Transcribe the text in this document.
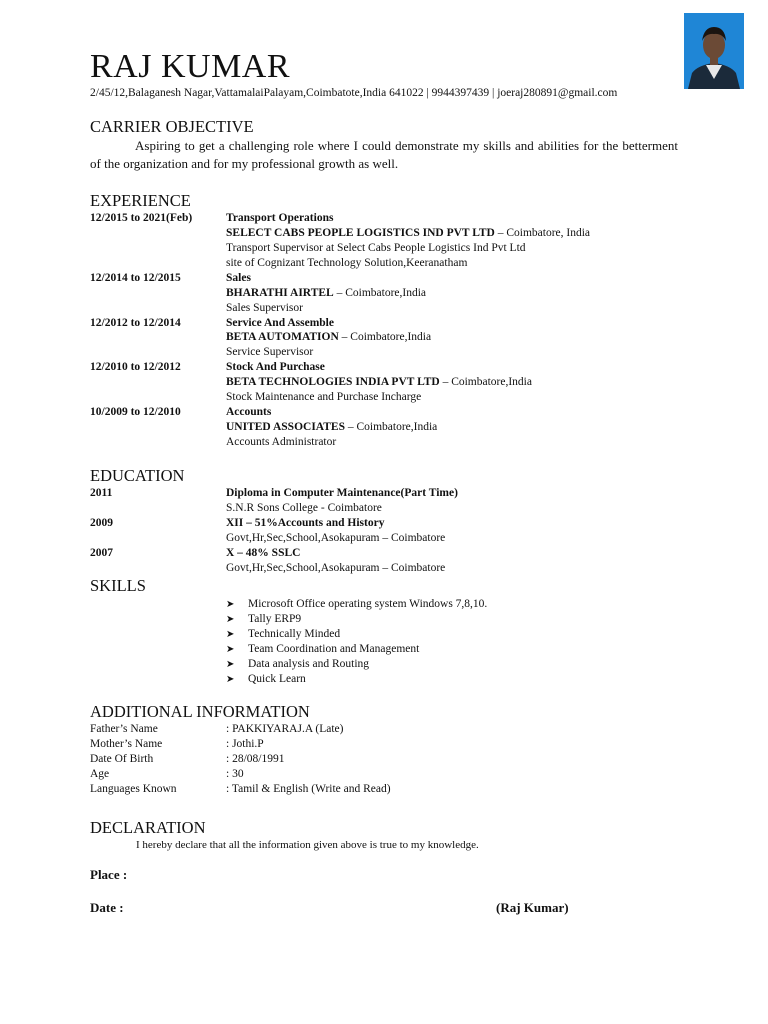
RAJ KUMAR
2/45/12,Balaganesh Nagar,VattamalaiPalayam,Coimbatote,India 641022 | 9944397439 | joeraj280891@gmail.com
CARRIER OBJECTIVE
Aspiring to get a challenging role where I could demonstrate my skills and abilities for the betterment of the organization and for my professional growth as well.
EXPERIENCE
12/2015 to 2021(Feb)	Transport Operations
SELECT CABS PEOPLE LOGISTICS IND PVT LTD – Coimbatore, India
Transport Supervisor at Select Cabs People Logistics Ind Pvt Ltd
site of Cognizant Technology Solution,Keeranatham
12/2014 to 12/2015	Sales
BHARATHI AIRTEL – Coimbatore,India
Sales Supervisor
12/2012 to 12/2014	Service And Assemble
BETA AUTOMATION – Coimbatore,India
Service Supervisor
12/2010 to 12/2012	Stock And Purchase
BETA TECHNOLOGIES INDIA PVT LTD – Coimbatore,India
Stock Maintenance and Purchase Incharge
10/2009 to 12/2010	Accounts
UNITED ASSOCIATES – Coimbatore,India
Accounts Administrator
EDUCATION
2011	Diploma in Computer Maintenance(Part Time)
S.N.R Sons College - Coimbatore
2009	XII – 51%Accounts and History
Govt,Hr,Sec,School,Asokapuram – Coimbatore
2007	X – 48% SSLC
Govt,Hr,Sec,School,Asokapuram – Coimbatore
SKILLS
➤ Microsoft Office operating system Windows 7,8,10.
➤ Tally ERP9
➤ Technically Minded
➤ Team Coordination and Management
➤ Data analysis and Routing
➤ Quick Learn
ADDITIONAL INFORMATION
Father’s Name	: PAKKIYARAJ.A (Late)
Mother’s Name	: Jothi.P
Date Of Birth	: 28/08/1991
Age	: 30
Languages Known	: Tamil & English (Write and Read)
DECLARATION
I hereby declare that all the information given above is true to my knowledge.
Place :
Date :	(Raj Kumar)
